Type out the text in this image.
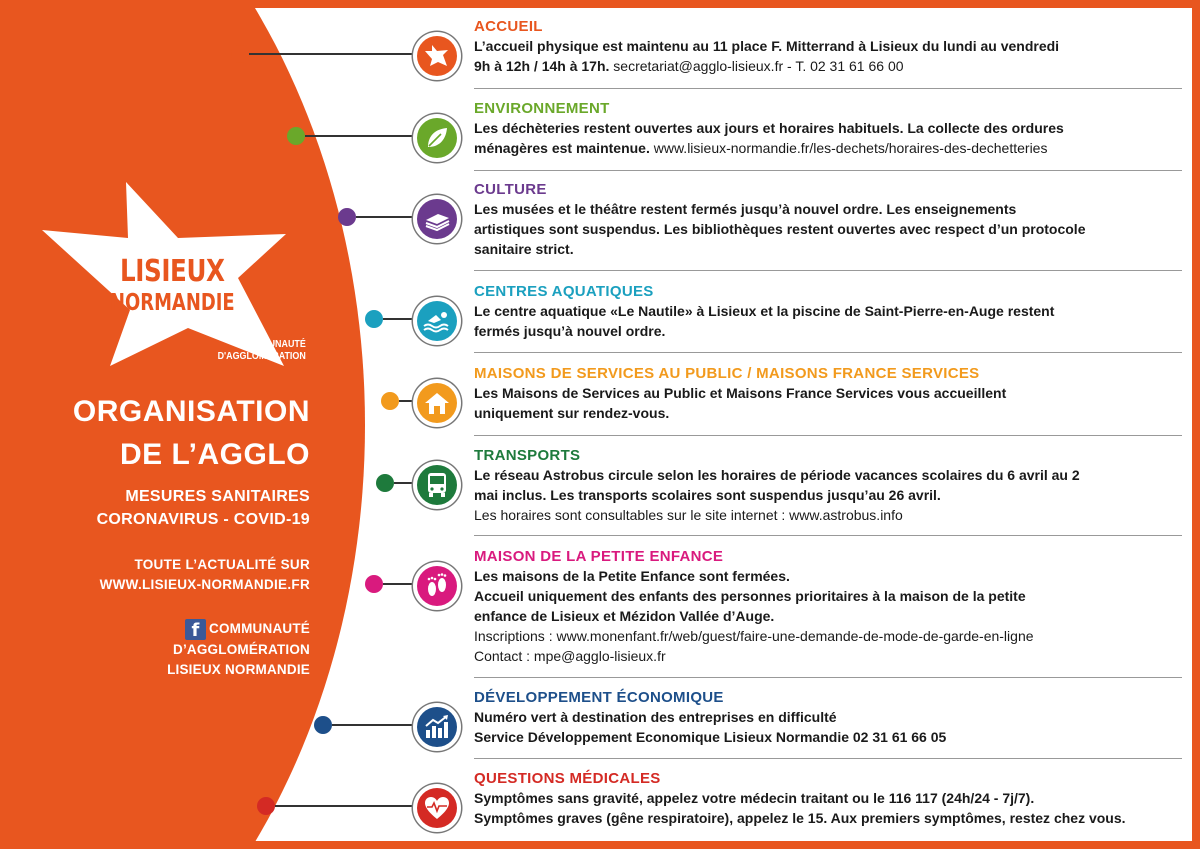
LISIEUX
NORMANDIE
COMMUNAUTÉ
D'AGGLOMÉRATION
ORGANISATION
DE L’AGGLO
MESURES SANITAIRES
CORONAVIRUS - COVID-19
TOUTE L’ACTUALITÉ SUR
WWW.LISIEUX-NORMANDIE.FR
f COMMUNAUTÉ
D’AGGLOMÉRATION
LISIEUX NORMANDIE
ACCUEIL
L’accueil physique est maintenu au 11 place F. Mitterrand à Lisieux du lundi au vendredi
9h à 12h / 14h à 17h. secretariat@agglo-lisieux.fr - T. 02 31 61 66 00
ENVIRONNEMENT
Les déchèteries restent ouvertes aux jours et horaires habituels. La collecte des ordures
ménagères est maintenue. www.lisieux-normandie.fr/les-dechets/horaires-des-dechetteries
CULTURE
Les musées et le théâtre restent fermés jusqu’à nouvel ordre. Les enseignements
artistiques sont suspendus. Les bibliothèques restent ouvertes avec respect d’un protocole
sanitaire strict.
CENTRES AQUATIQUES
Le centre aquatique «Le Nautile» à Lisieux et la piscine de Saint-Pierre-en-Auge restent
fermés jusqu’à nouvel ordre.
MAISONS DE SERVICES AU PUBLIC / MAISONS FRANCE SERVICES
Les Maisons de Services au Public et Maisons France Services vous accueillent
uniquement sur rendez-vous.
TRANSPORTS
Le réseau Astrobus circule selon les horaires de période vacances scolaires du 6 avril au 2
mai inclus. Les transports scolaires sont suspendus jusqu’au 26 avril.
Les horaires sont consultables sur le site internet : www.astrobus.info
MAISON DE LA PETITE ENFANCE
Les maisons de la Petite Enfance sont fermées.
Accueil uniquement des enfants des personnes prioritaires à la maison de la petite
enfance de Lisieux et Mézidon Vallée d’Auge.
Inscriptions : www.monenfant.fr/web/guest/faire-une-demande-de-mode-de-garde-en-ligne
Contact : mpe@agglo-lisieux.fr
DÉVELOPPEMENT ÉCONOMIQUE
Numéro vert à destination des entreprises en difficulté
Service Développement Economique Lisieux Normandie 02 31 61 66 05
QUESTIONS MÉDICALES
Symptômes sans gravité, appelez votre médecin traitant ou le 116 117 (24h/24 - 7j/7).
Symptômes graves (gêne respiratoire), appelez le 15. Aux premiers symptômes, restez chez vous.
